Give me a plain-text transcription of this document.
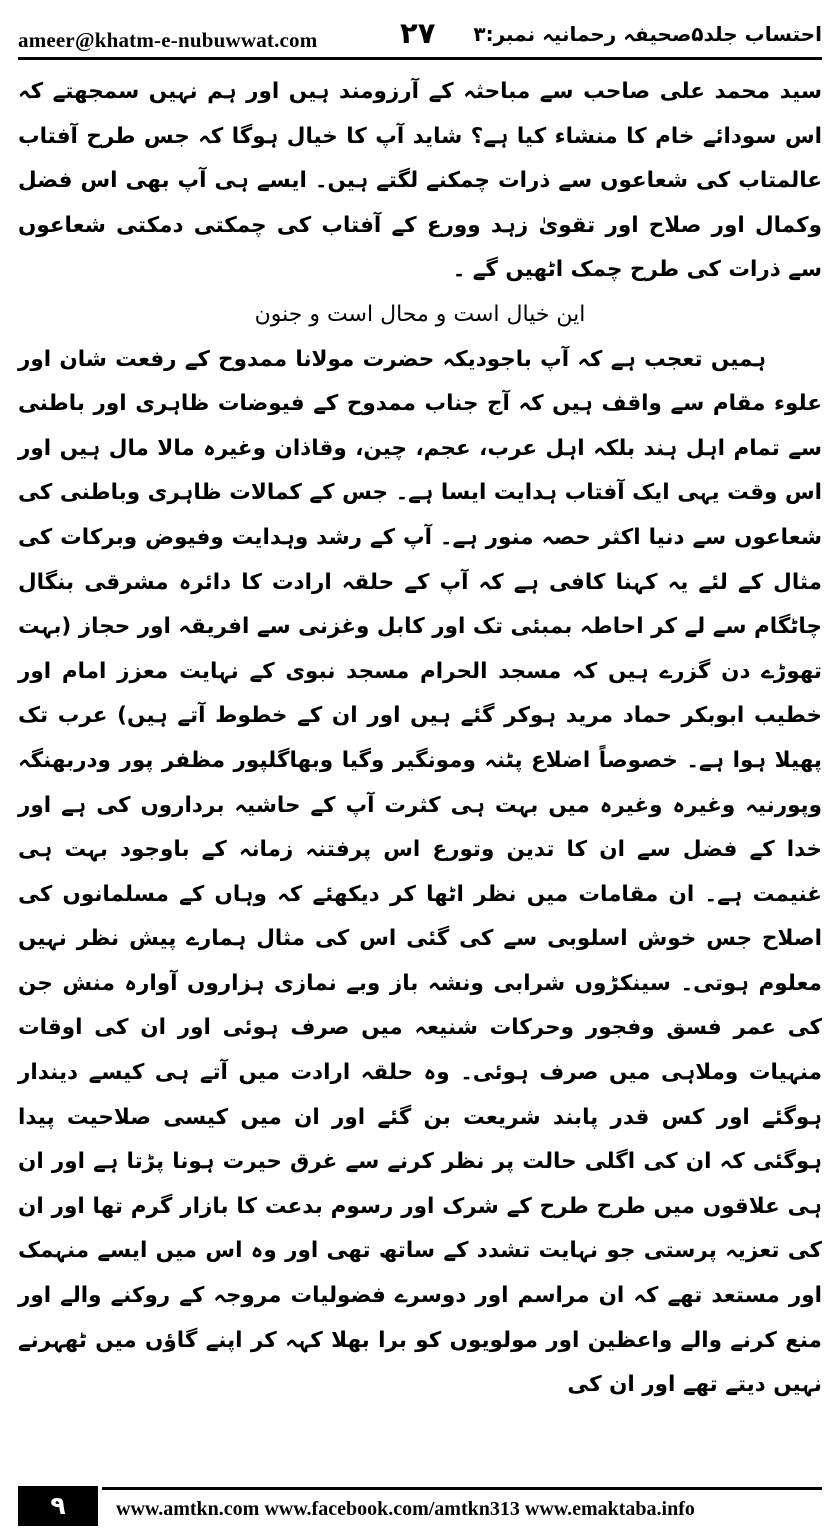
ameer@khatm-e-nubuwwat.com	۲۷ احتساب جلد۵صحیفہ رحمانیہ نمبر:۳

سید محمد علی صاحب سے مباحثہ کے آرزومند ہیں اور ہم نہیں سمجھتے کہ اس سودائے خام کا منشاء کیا ہے؟ شاید آپ کا خیال ہوگا کہ جس طرح آفتاب عالمتاب کی شعاعوں سے ذرات چمکنے لگتے ہیں۔ ایسے ہی آپ بھی اس فضل وکمال اور صلاح اور تقویٰ زہد وورع کے آفتاب کی چمکتی دمکتی شعاعوں سے ذرات کی طرح چمک اٹھیں گے ۔

این خیال است و محال است و جنون

ہمیں تعجب ہے کہ آپ باجودیکہ حضرت مولانا ممدوح کے رفعت شان اور علوء مقام سے واقف ہیں کہ آج جناب ممدوح کے فیوضات ظاہری اور باطنی سے تمام اہل ہند بلکہ اہل عرب، عجم، چین، وقاذان وغیرہ مالا مال ہیں اور اس وقت یہی ایک آفتاب ہدایت ایسا ہے۔ جس کے کمالات ظاہری وباطنی کی شعاعوں سے دنیا اکثر حصہ منور ہے۔ آپ کے رشد وہدایت وفیوض وبرکات کی مثال کے لئے یہ کہنا کافی ہے کہ آپ کے حلقہ ارادت کا دائرہ مشرقی بنگال چاٹگام سے لے کر احاطہ بمبئی تک اور کابل وغزنی سے افریقہ اور حجاز (بہت تھوڑے دن گزرے ہیں کہ مسجد الحرام مسجد نبوی کے نہایت معزز امام اور خطیب ابوبکر حماد مرید ہوکر گئے ہیں اور ان کے خطوط آتے ہیں) عرب تک پھیلا ہوا ہے۔ خصوصاً اضلاع پٹنہ ومونگیر وگیا وبھاگلپور مظفر پور ودربھنگہ وپورنیہ وغیرہ وغیرہ میں بہت ہی کثرت آپ کے حاشیہ برداروں کی ہے اور خدا کے فضل سے ان کا تدین وتورع اس پرفتنہ زمانہ کے باوجود بہت ہی غنیمت ہے۔ ان مقامات میں نظر اٹھا کر دیکھئے کہ وہاں کے مسلمانوں کی اصلاح جس خوش اسلوبی سے کی گئی اس کی مثال ہمارے پیش نظر نہیں معلوم ہوتی۔ سینکڑوں شرابی ونشہ باز وبے نمازی ہزاروں آوارہ منش جن کی عمر فسق وفجور وحرکات شنیعہ میں صرف ہوئی اور ان کی اوقات منہیات وملاہی میں صرف ہوئی۔ وہ حلقہ ارادت میں آتے ہی کیسے دیندار ہوگئے اور کس قدر پابند شریعت بن گئے اور ان میں کیسی صلاحیت پیدا ہوگئی کہ ان کی اگلی حالت پر نظر کرنے سے غرق حیرت ہونا پڑتا ہے اور ان ہی علاقوں میں طرح طرح کے شرک اور رسوم بدعت کا بازار گرم تھا اور ان کی تعزیہ پرستی جو نہایت تشدد کے ساتھ تھی اور وہ اس میں ایسے منہمک اور مستعد تھے کہ ان مراسم اور دوسرے فضولیات مروجہ کے روکنے والے اور منع کرنے والے واعظین اور مولویوں کو برا بھلا کہہ کر اپنے گاؤں میں ٹھہرنے نہیں دیتے تھے اور ان کی

۹	www.amtkn.com www.facebook.com/amtkn313 www.emaktaba.info
